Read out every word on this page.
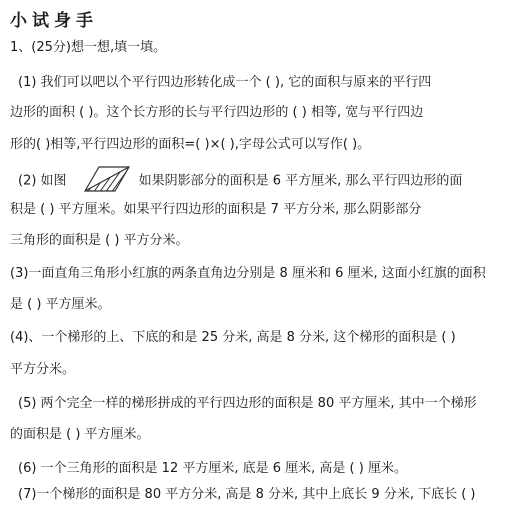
小试身手
1、(25分)想一想,填一填。
(1) 我们可以吧以个平行四边形转化成一个 ( ), 它的面积与原来的平行四
边形的面积 ( )。这个长方形的长与平行四边形的 ( ) 相等, 宽与平行四边
形的( )相等,平行四边形的面积=( )×( ),字母公式可以写作( )。
(2) 如图	如果阴影部分的面积是 6 平方厘米, 那么平行四边形的面
积是 ( ) 平方厘米。如果平行四边形的面积是 7 平方分米, 那么阴影部分
三角形的面积是 ( ) 平方分米。
(3)一面直角三角形小红旗的两条直角边分别是 8 厘米和 6 厘米, 这面小红旗的面积
是 ( ) 平方厘米。
(4)、一个梯形的上、下底的和是 25 分米, 高是 8 分米, 这个梯形的面积是 ( )
平方分米。
(5) 两个完全一样的梯形拼成的平行四边形的面积是 80 平方厘米, 其中一个梯形
的面积是 ( ) 平方厘米。
(6) 一个三角形的面积是 12 平方厘米, 底是 6 厘米, 高是 ( ) 厘米。
(7)一个梯形的面积是 80 平方分米, 高是 8 分米, 其中上底长 9 分米, 下底长 ( )
